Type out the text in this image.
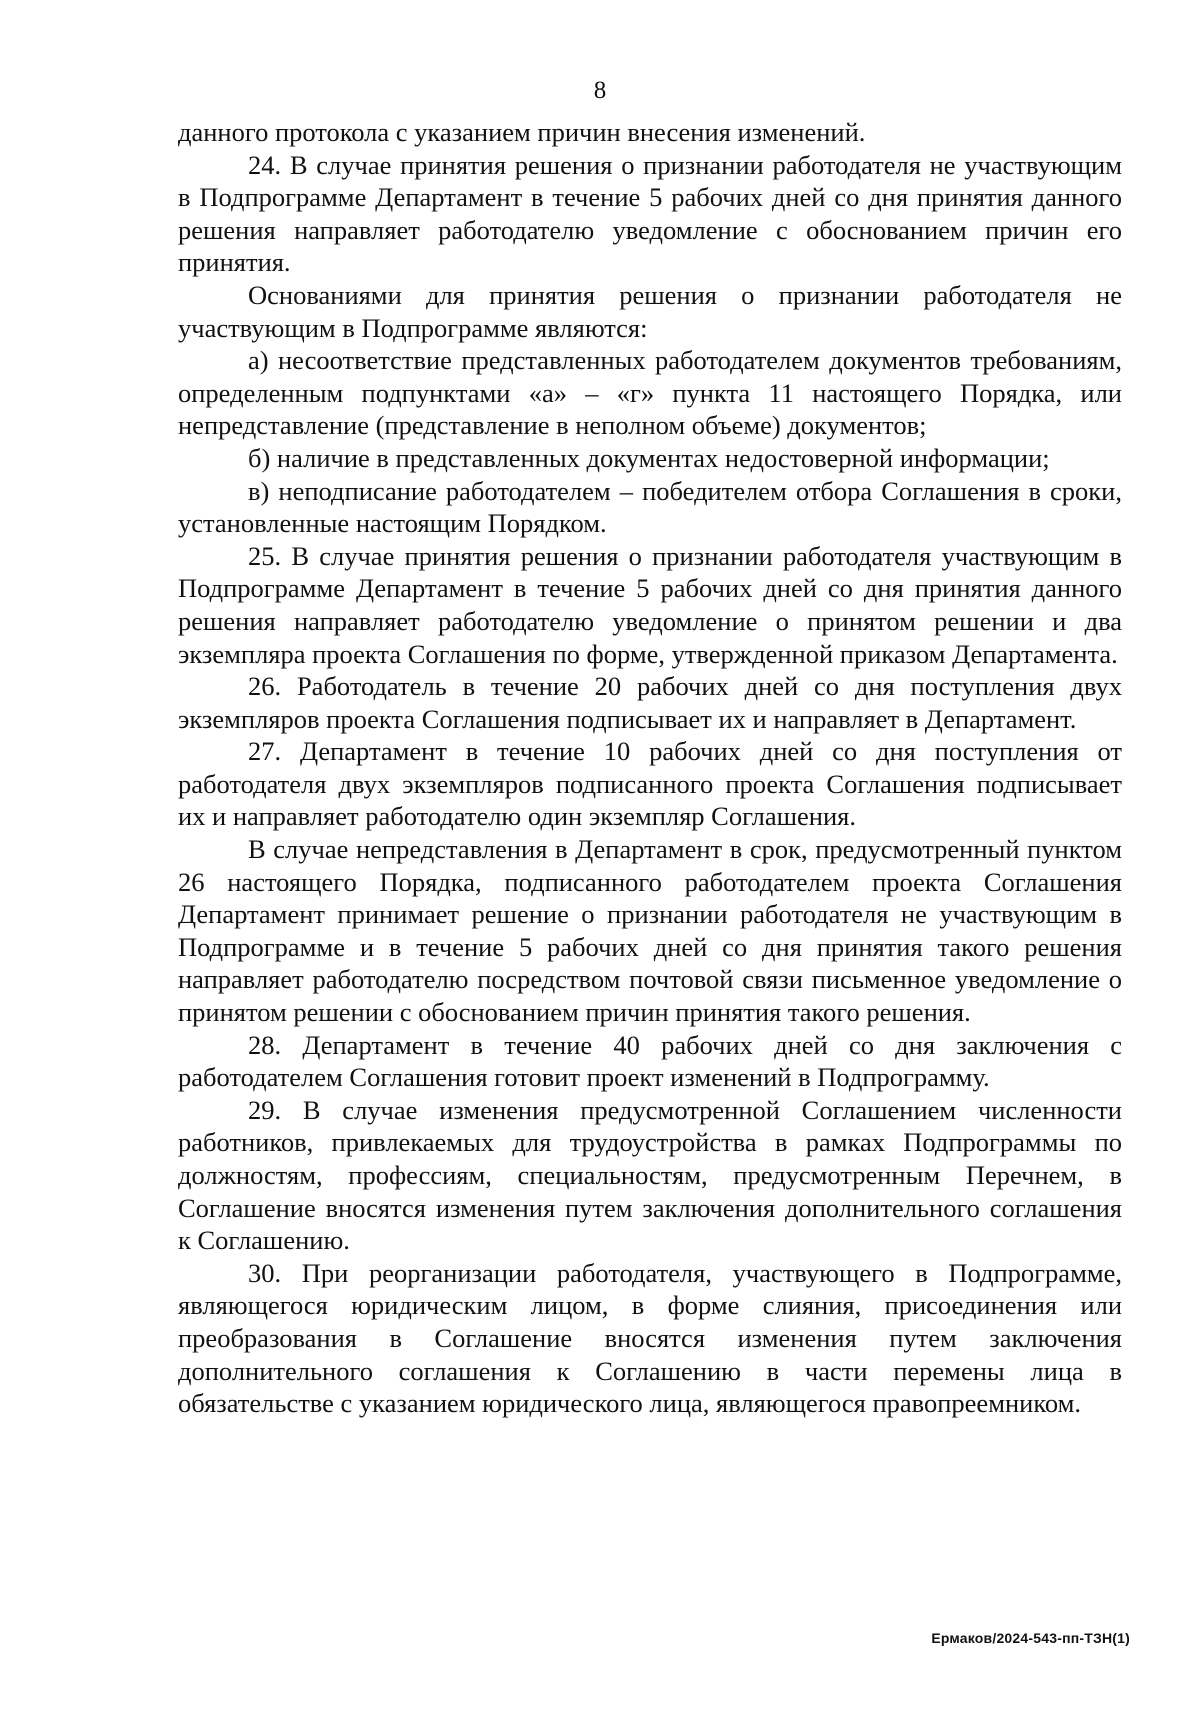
8

данного протокола с указанием причин внесения изменений.

24. В случае принятия решения о признании работодателя не участвующим в Подпрограмме Департамент в течение 5 рабочих дней со дня принятия данного решения направляет работодателю уведомление с обоснованием причин его принятия.

Основаниями для принятия решения о признании работодателя не участвующим в Подпрограмме являются:

а) несоответствие представленных работодателем документов требованиям, определенным подпунктами «а» – «г» пункта 11 настоящего Порядка, или непредставление (представление в неполном объеме) документов;

б) наличие в представленных документах недостоверной информации;

в) неподписание работодателем – победителем отбора Соглашения в сроки, установленные настоящим Порядком.

25. В случае принятия решения о признании работодателя участвующим в Подпрограмме Департамент в течение 5 рабочих дней со дня принятия данного решения направляет работодателю уведомление о принятом решении и два экземпляра проекта Соглашения по форме, утвержденной приказом Департамента.

26. Работодатель в течение 20 рабочих дней со дня поступления двух экземпляров проекта Соглашения подписывает их и направляет в Департамент.

27. Департамент в течение 10 рабочих дней со дня поступления от работодателя двух экземпляров подписанного проекта Соглашения подписывает их и направляет работодателю один экземпляр Соглашения.

В случае непредставления в Департамент в срок, предусмотренный пунктом 26 настоящего Порядка, подписанного работодателем проекта Соглашения Департамент принимает решение о признании работодателя не участвующим в Подпрограмме и в течение 5 рабочих дней со дня принятия такого решения направляет работодателю посредством почтовой связи письменное уведомление о принятом решении с обоснованием причин принятия такого решения.

28. Департамент в течение 40 рабочих дней со дня заключения с работодателем Соглашения готовит проект изменений в Подпрограмму.

29. В случае изменения предусмотренной Соглашением численности работников, привлекаемых для трудоустройства в рамках Подпрограммы по должностям, профессиям, специальностям, предусмотренным Перечнем, в Соглашение вносятся изменения путем заключения дополнительного соглашения к Соглашению.

30. При реорганизации работодателя, участвующего в Подпрограмме, являющегося юридическим лицом, в форме слияния, присоединения или преобразования в Соглашение вносятся изменения путем заключения дополнительного соглашения к Соглашению в части перемены лица в обязательстве с указанием юридического лица, являющегося правопреемником.

Ермаков/2024-543-пп-ТЗН(1)
